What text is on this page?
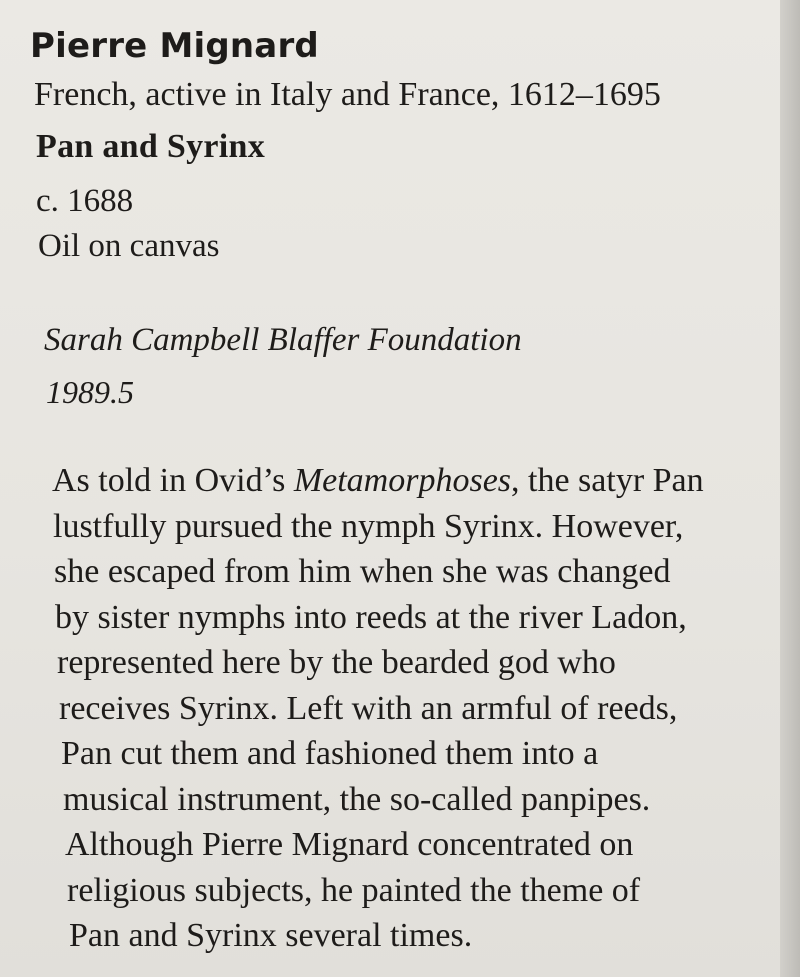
Pierre Mignard
French, active in Italy and France, 1612–1695
Pan and Syrinx
c. 1688
Oil on canvas
Sarah Campbell Blaffer Foundation
1989.5
As told in Ovid’s Metamorphoses, the satyr Pan
lustfully pursued the nymph Syrinx. However,
she escaped from him when she was changed
by sister nymphs into reeds at the river Ladon,
represented here by the bearded god who
receives Syrinx. Left with an armful of reeds,
Pan cut them and fashioned them into a
musical instrument, the so-called panpipes.
Although Pierre Mignard concentrated on
religious subjects, he painted the theme of
Pan and Syrinx several times.
